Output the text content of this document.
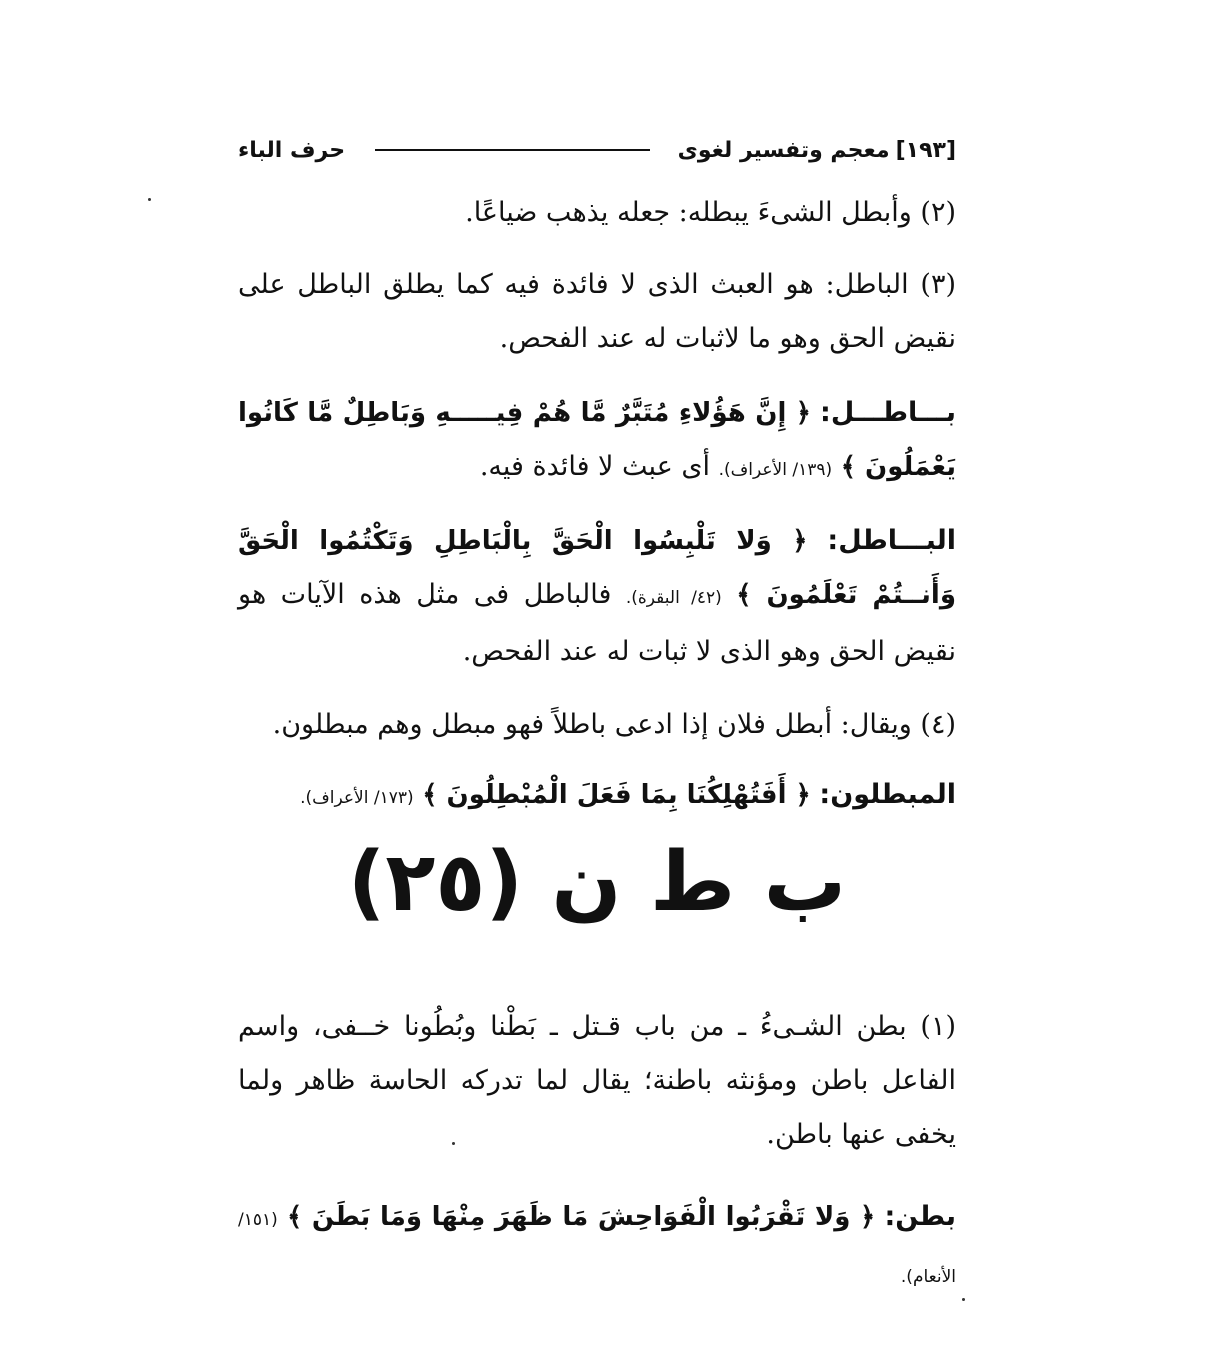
[١٩٣]
معجم وتفسير لغوى
حرف الباء
(٢) وأبطل الشىءَ يبطله: جعله يذهب ضياعًا.
(٣) الباطل: هو العبث الذى لا فائدة فيه كما يطلق الباطل على نقيض الحق وهو ما لاثبات له عند الفحص.
بـــاطـــل: ﴿ إِنَّ هَؤُلاءِ مُتَبَّرٌ مَّا هُمْ فِيـــــهِ وَبَاطِلٌ مَّا كَانُوا يَعْمَلُونَ ﴾ (١٣٩/ الأعراف). أى عبث لا فائدة فيه.
البـــاطل: ﴿ وَلا تَلْبِسُوا الْحَقَّ بِالْبَاطِلِ وَتَكْتُمُوا الْحَقَّ وَأَنــتُمْ تَعْلَمُونَ ﴾ (٤٢/ البقرة). فالباطل فى مثل هذه الآيات هو نقيض الحق وهو الذى لا ثبات له عند الفحص.
(٤) ويقال: أبطل فلان إذا ادعى باطلاً فهو مبطل وهم مبطلون.
المبطلون: ﴿ أَفَتُهْلِكُنَا بِمَا فَعَلَ الْمُبْطِلُونَ ﴾ (١٧٣/ الأعراف).
ب ط ن (٢٥)
(١) بطن الشـىءُ ـ من باب قـتل ـ بَطْنا وبُطُونا خــفى، واسم الفاعل باطن ومؤنثه باطنة؛ يقال لما تدركه الحاسة ظاهر ولما يخفى عنها باطن.
بطن: ﴿ وَلا تَقْرَبُوا الْفَوَاحِشَ مَا ظَهَرَ مِنْهَا وَمَا بَطَنَ ﴾ (١٥١/ الأنعام).
